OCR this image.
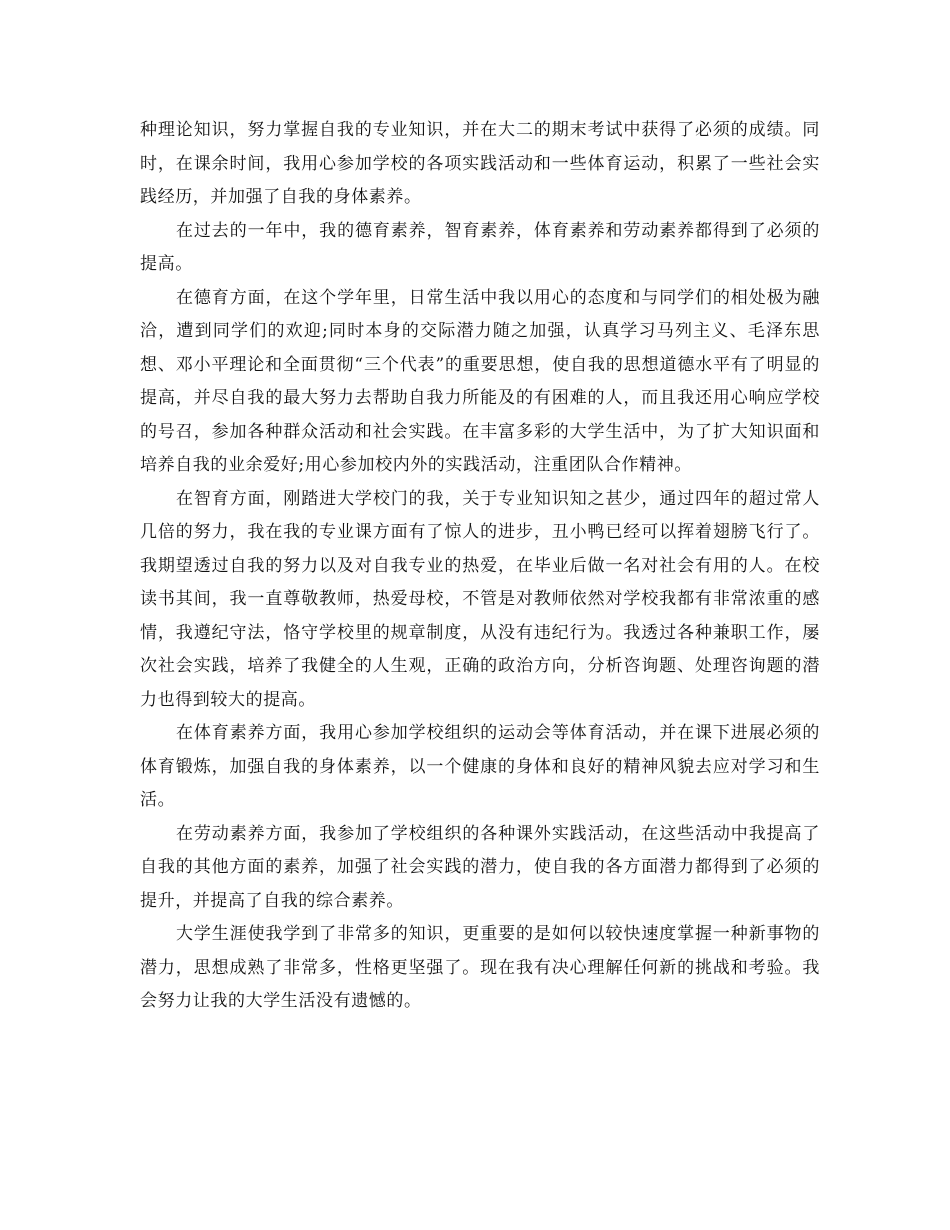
种理论知识，努力掌握自我的专业知识，并在大二的期末考试中获得了必须的成绩。同时，在课余时间，我用心参加学校的各项实践活动和一些体育运动，积累了一些社会实践经历，并加强了自我的身体素养。

在过去的一年中，我的德育素养，智育素养，体育素养和劳动素养都得到了必须的提高。

在德育方面，在这个学年里，日常生活中我以用心的态度和与同学们的相处极为融洽，遭到同学们的欢迎;同时本身的交际潜力随之加强，认真学习马列主义、毛泽东思想、邓小平理论和全面贯彻“三个代表”的重要思想，使自我的思想道德水平有了明显的提高，并尽自我的最大努力去帮助自我力所能及的有困难的人，而且我还用心响应学校的号召，参加各种群众活动和社会实践。在丰富多彩的大学生活中，为了扩大知识面和培养自我的业余爱好;用心参加校内外的实践活动，注重团队合作精神。

在智育方面，刚踏进大学校门的我，关于专业知识知之甚少，通过四年的超过常人几倍的努力，我在我的专业课方面有了惊人的进步，丑小鸭已经可以挥着翅膀飞行了。我期望透过自我的努力以及对自我专业的热爱，在毕业后做一名对社会有用的人。在校读书其间，我一直尊敬教师，热爱母校，不管是对教师依然对学校我都有非常浓重的感情，我遵纪守法，恪守学校里的规章制度，从没有违纪行为。我透过各种兼职工作，屡次社会实践，培养了我健全的人生观，正确的政治方向，分析咨询题、处理咨询题的潜力也得到较大的提高。

在体育素养方面，我用心参加学校组织的运动会等体育活动，并在课下进展必须的体育锻炼，加强自我的身体素养，以一个健康的身体和良好的精神风貌去应对学习和生活。

在劳动素养方面，我参加了学校组织的各种课外实践活动，在这些活动中我提高了自我的其他方面的素养，加强了社会实践的潜力，使自我的各方面潜力都得到了必须的提升，并提高了自我的综合素养。

大学生涯使我学到了非常多的知识，更重要的是如何以较快速度掌握一种新事物的潜力，思想成熟了非常多，性格更坚强了。现在我有决心理解任何新的挑战和考验。我会努力让我的大学生活没有遗憾的。
